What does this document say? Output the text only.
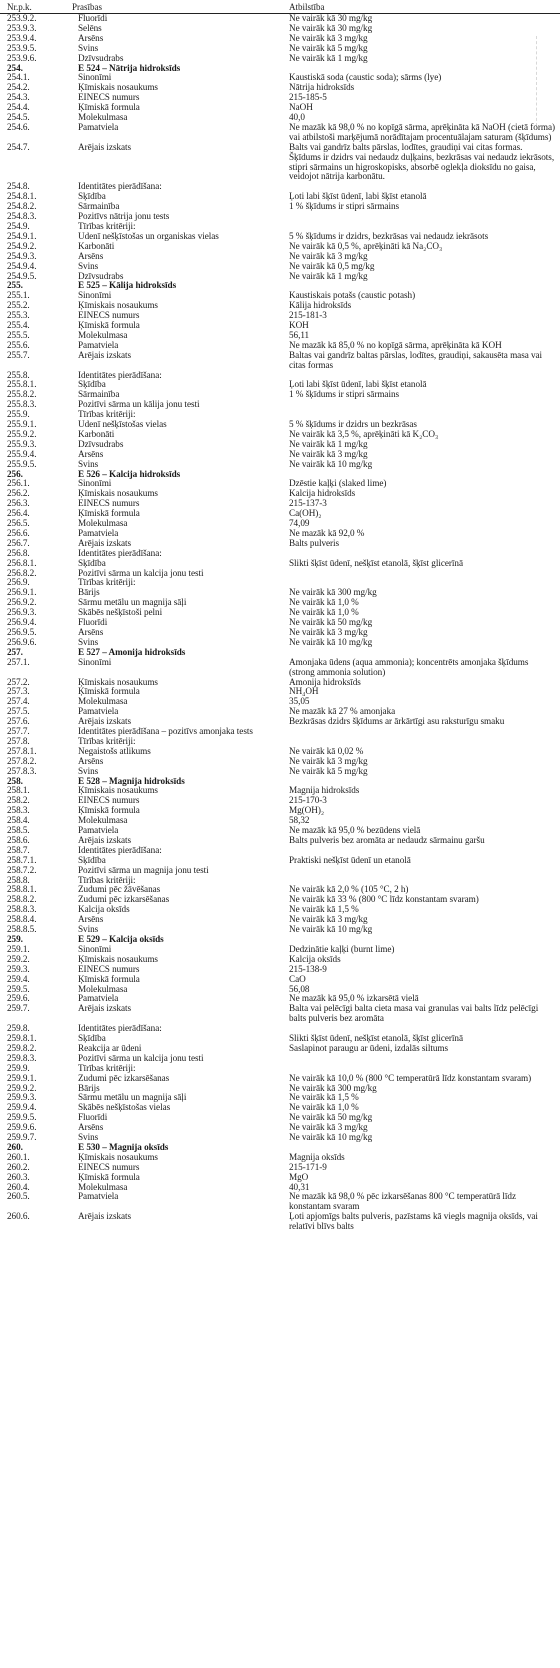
Nr.p.k.	Prasības	Atbilstība
253.9.2.	Fluorīdi	Ne vairāk kā 30 mg/kg
253.9.3.	Selēns	Ne vairāk kā 30 mg/kg
253.9.4.	Arsēns	Ne vairāk kā 3 mg/kg
253.9.5.	Svins	Ne vairāk kā 5 mg/kg
253.9.6.	Dzīvsudrabs	Ne vairāk kā 1 mg/kg
254.	E 524 – Nātrija hidroksīds
254.1.	Sinonīmi	Kaustiskā soda (caustic soda); sārms (lye)
254.2.	Ķīmiskais nosaukums	Nātrija hidroksīds
254.3.	EINECS numurs	215-185-5
254.4.	Ķīmiskā formula	NaOH
254.5.	Molekulmasa	40,0
254.6.	Pamatviela	Ne mazāk kā 98,0 % no kopīgā sārma, aprēķināta kā NaOH (cietā forma) vai atbilstoši marķējumā norādītajam procentuālajam saturam (šķīdums)
254.7.	Ārējais izskats	Balts vai gandrīz balts pārslas, lodītes, graudiņi vai citas formas. Šķīdums ir dzidrs vai nedaudz duļķains, bezkrāsas vai nedaudz iekrāsots, stipri sārmains un higroskopisks, absorbē oglekļa dioksīdu no gaisa, veidojot nātrija karbonātu.
254.8.	Identitātes pierādīšana:
254.8.1.	Šķīdība	Ļoti labi šķīst ūdenī, labi šķīst etanolā
254.8.2.	Sārmainība	1 % šķīdums ir stipri sārmains
254.8.3.	Pozitīvs nātrija jonu tests
254.9.	Tīrības kritēriji:
254.9.1.	Ūdenī nešķīstošas un organiskas vielas	5 % šķīdums ir dzidrs, bezkrāsas vai nedaudz iekrāsots
254.9.2.	Karbonāti	Ne vairāk kā 0,5 %, aprēķināti kā Na₂CO₃
254.9.3.	Arsēns	Ne vairāk kā 3 mg/kg
254.9.4.	Svins	Ne vairāk kā 0,5 mg/kg
254.9.5.	Dzīvsudrabs	Ne vairāk kā 1 mg/kg
255.	E 525 – Kālija hidroksīds
255.1.	Sinonīmi	Kaustiskais potašs (caustic potash)
255.2.	Ķīmiskais nosaukums	Kālija hidroksīds
255.3.	EINECS numurs	215-181-3
255.4.	Ķīmiskā formula	KOH
255.5.	Molekulmasa	56,11
255.6.	Pamatviela	Ne mazāk kā 85,0 % no kopīgā sārma, aprēķināta kā KOH
255.7.	Ārējais izskats	Baltas vai gandrīz baltas pārslas, lodītes, graudiņi, sakausēta masa vai citas formas
255.8.	Identitātes pierādīšana:
255.8.1.	Šķīdība	Ļoti labi šķīst ūdenī, labi šķīst etanolā
255.8.2.	Sārmainība	1 % šķīdums ir stipri sārmains
255.8.3.	Pozitīvi sārma un kālija jonu testi
255.9.	Tīrības kritēriji:
255.9.1.	Ūdenī nešķīstošas vielas	5 % šķīdums ir dzidrs un bezkrāsas
255.9.2.	Karbonāti	Ne vairāk kā 3,5 %, aprēķināti kā K₂CO₃
255.9.3.	Dzīvsudrabs	Ne vairāk kā 1 mg/kg
255.9.4.	Arsēns	Ne vairāk kā 3 mg/kg
255.9.5.	Svins	Ne vairāk kā 10 mg/kg
256.	E 526 – Kalcija hidroksīds
256.1.	Sinonīmi	Dzēstie kaļķi (slaked lime)
256.2.	Ķīmiskais nosaukums	Kalcija hidroksīds
256.3.	EINECS numurs	215-137-3
256.4.	Ķīmiskā formula	Ca(OH)₂
256.5.	Molekulmasa	74,09
256.6.	Pamatviela	Ne mazāk kā 92,0 %
256.7.	Ārējais izskats	Balts pulveris
256.8.	Identitātes pierādīšana:
256.8.1.	Šķīdība	Slikti šķīst ūdenī, nešķīst etanolā, šķīst glicerīnā
256.8.2.	Pozitīvi sārma un kalcija jonu testi
256.9.	Tīrības kritēriji:
256.9.1.	Bārijs	Ne vairāk kā 300 mg/kg
256.9.2.	Sārmu metālu un magnija sāļi	Ne vairāk kā 1,0 %
256.9.3.	Skābēs nešķīstoši pelni	Ne vairāk kā 1,0 %
256.9.4.	Fluorīdi	Ne vairāk kā 50 mg/kg
256.9.5.	Arsēns	Ne vairāk kā 3 mg/kg
256.9.6.	Svins	Ne vairāk kā 10 mg/kg
257.	E 527 – Amonija hidroksīds
257.1.	Sinonīmi	Amonjaka ūdens (aqua ammonia); koncentrēts amonjaka šķīdums (strong ammonia solution)
257.2.	Ķīmiskais nosaukums	Amonija hidroksīds
257.3.	Ķīmiskā formula	NH₄OH
257.4.	Molekulmasa	35,05
257.5.	Pamatviela	Ne mazāk kā 27 % amonjaka
257.6.	Ārējais izskats	Bezkrāsas dzidrs šķīdums ar ārkārtīgi asu raksturīgu smaku
257.7.	Identitātes pierādīšana – pozitīvs amonjaka tests
257.8.	Tīrības kritēriji:
257.8.1.	Negaistošs atlikums	Ne vairāk kā 0,02 %
257.8.2.	Arsēns	Ne vairāk kā 3 mg/kg
257.8.3.	Svins	Ne vairāk kā 5 mg/kg
258.	E 528 – Magnija hidroksīds
258.1.	Ķīmiskais nosaukums	Magnija hidroksīds
258.2.	EINECS numurs	215-170-3
258.3.	Ķīmiskā formula	Mg(OH)₂
258.4.	Molekulmasa	58,32
258.5.	Pamatviela	Ne mazāk kā 95,0 % bezūdens vielā
258.6.	Ārējais izskats	Balts pulveris bez aromāta ar nedaudz sārmainu garšu
258.7.	Identitātes pierādīšana:
258.7.1.	Šķīdība	Praktiski nešķīst ūdenī un etanolā
258.7.2.	Pozitīvi sārma un magnija jonu testi
258.8.	Tīrības kritēriji:
258.8.1.	Zudumi pēc žāvēšanas	Ne vairāk kā 2,0 % (105 °C, 2 h)
258.8.2.	Zudumi pēc izkarsēšanas	Ne vairāk kā 33 % (800 °C līdz konstantam svaram)
258.8.3.	Kalcija oksīds	Ne vairāk kā 1,5 %
258.8.4.	Arsēns	Ne vairāk kā 3 mg/kg
258.8.5.	Svins	Ne vairāk kā 10 mg/kg
259.	E 529 – Kalcija oksīds
259.1.	Sinonīmi	Dedzinātie kaļķi (burnt lime)
259.2.	Ķīmiskais nosaukums	Kalcija oksīds
259.3.	EINECS numurs	215-138-9
259.4.	Ķīmiskā formula	CaO
259.5.	Molekulmasa	56,08
259.6.	Pamatviela	Ne mazāk kā 95,0 % izkarsētā vielā
259.7.	Ārējais izskats	Balta vai pelēcīgi balta cieta masa vai granulas vai balts līdz pelēcīgi balts pulveris bez aromāta
259.8.	Identitātes pierādīšana:
259.8.1.	Šķīdība	Slikti šķīst ūdenī, nešķīst etanolā, šķīst glicerīnā
259.8.2.	Reakcija ar ūdeni	Saslapinot paraugu ar ūdeni, izdalās siltums
259.8.3.	Pozitīvi sārma un kalcija jonu testi
259.9.	Tīrības kritēriji:
259.9.1.	Zudumi pēc izkarsēšanas	Ne vairāk kā 10,0 % (800 °C temperatūrā līdz konstantam svaram)
259.9.2.	Bārijs	Ne vairāk kā 300 mg/kg
259.9.3.	Sārmu metālu un magnija sāļi	Ne vairāk kā 1,5 %
259.9.4.	Skābēs nešķīstošas vielas	Ne vairāk kā 1,0 %
259.9.5.	Fluorīdi	Ne vairāk kā 50 mg/kg
259.9.6.	Arsēns	Ne vairāk kā 3 mg/kg
259.9.7.	Svins	Ne vairāk kā 10 mg/kg
260.	E 530 – Magnija oksīds
260.1.	Ķīmiskais nosaukums	Magnija oksīds
260.2.	EINECS numurs	215-171-9
260.3.	Ķīmiskā formula	MgO
260.4.	Molekulmasa	40,31
260.5.	Pamatviela	Ne mazāk kā 98,0 % pēc izkarsēšanas 800 °C temperatūrā līdz konstantam svaram
260.6.	Ārējais izskats	Ļoti apjomīgs balts pulveris, pazīstams kā viegls magnija oksīds, vai relatīvi blīvs balts
